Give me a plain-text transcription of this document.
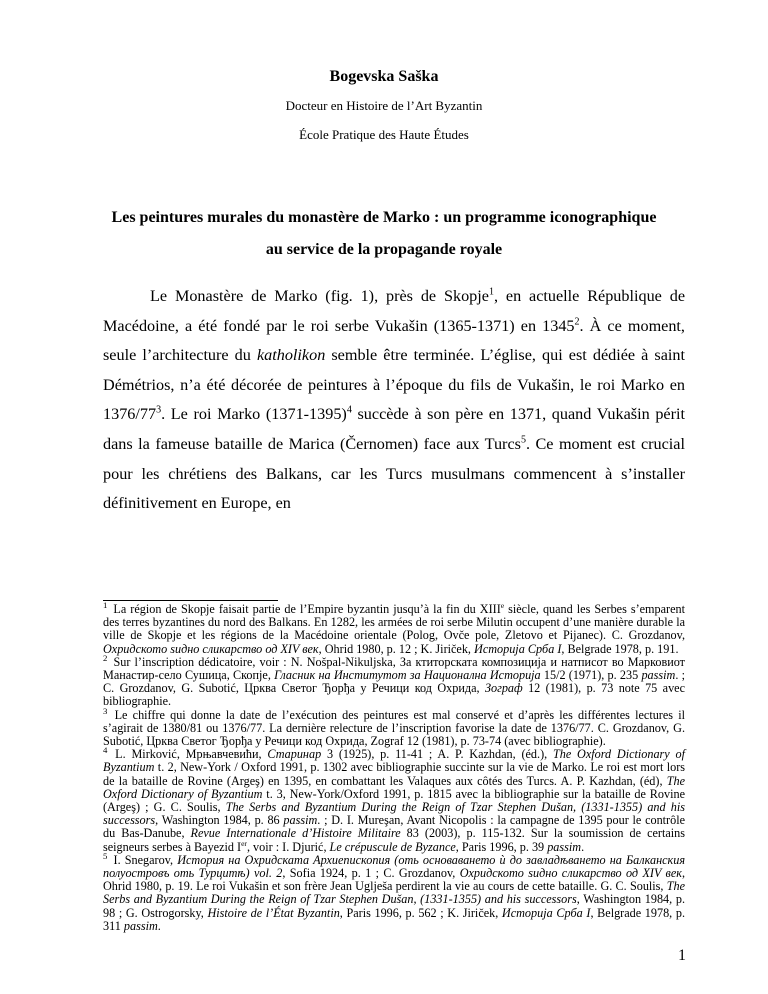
Bogevska Saška
Docteur en Histoire de l’Art Byzantin
École Pratique des Haute Études
Les peintures murales du monastère de Marko : un programme iconographique
au service de la propagande royale

Le Monastère de Marko (fig. 1), près de Skopje$^1$, en actuelle République de Macédoine, a été fondé par le roi serbe Vukašin (1365-1371) en 1345$^2$. À ce moment, seule l’architecture du katholikon semble être terminée. L’église, qui est dédiée à saint Démétrios, n’a été décorée de peintures à l’époque du fils de Vukašin, le roi Marko en $1376/77^3$. Le roi Marko (1371-1395)$^4$ succède à son père en 1371, quand Vukašin périt dans la fameuse bataille de Marica (Černomen) face aux Turcs$^5$. Ce moment est crucial pour les chrétiens des Balkans, car les Turcs musulmans commencent à s’installer définitivement en Europe, en

$^1$ La région de Skopje faisait partie de l’Empire byzantin jusqu’à la fin du XIIIe siècle, quand les Serbes s’emparent des terres byzantines du nord des Balkans. En 1282, les armées de roi serbe Milutin occupent d’une manière durable la ville de Skopje et les régions de la Macédoine orientale (Polog, Ovče pole, Zletovo et Pijanec). C. Grozdanov, Охридското ѕидно сликарство од XIV век, Ohrid 1980, p. 12 ; K. Jiriček, Историја Срба I, Belgrade 1978, p. 191.

$^2$ Sur l’inscription dédicatoire, voir : N. Nošpal-Nikuljska, За ктиторската композиција и натписот во Марковиот Манастир-село Сушица, Скопје, Гласник на Институтот за Национална Историја 15/2 (1971), p. 235 passim. ; C. Grozdanov, G. Subotić, Црква Светог Ђорђа у Речици код Охрида, Зограф 12 (1981), p. 73 note 75 avec bibliographie.

$^3$ Le chiffre qui donne la date de l’exécution des peintures est mal conservé et d’après les différentes lectures il s’agirait de 1380/81 ou 1376/77. La dernière relecture de l’inscription favorise la date de 1376/77. C. Grozdanov, G. Subotić, Црква Светог Ђорђа у Речици код Охрида, Zograf 12 (1981), p. 73-74 (avec bibliographie).

$^4$ L. Mirković, Мрњавчевићи, Старинар 3 (1925), p. 11-41 ; A. P. Kazhdan, (éd.), The Oxford Dictionary of Byzantium t. 2, New-York / Oxford 1991, p. 1302 avec bibliographie succinte sur la vie de Marko. Le roi est mort lors de la bataille de Rovine (Argeş) en 1395, en combattant les Valaques aux côtés des Turcs. A. P. Kazhdan, (éd), The Oxford Dictionary of Byzantium t. 3, New-York/Oxford 1991, p. 1815 avec la bibliographie sur la bataille de Rovine (Argeş) ; G. C. Soulis, The Serbs and Byzantium During the Reign of Tzar Stephen Dušan, (1331-1355) and his successors, Washington 1984, p. 86 passim. ; D. I. Mureşan, Avant Nicopolis : la campagne de 1395 pour le contrôle du Bas-Danube, Revue Internationale d’Histoire Militaire 83 (2003), p. 115-132. Sur la soumission de certains seigneurs serbes à Bayezid Ier, voir : I. Djurić, Le crépuscule de Byzance, Paris 1996, p. 39 passim.

$^5$ I. Snegarov, История на Охридската Архиепископия (оть основаването ѝ до завладѣването на Балканския полуостровъ оть Турцитѣ) vol. 2, Sofia 1924, p. 1 ; C. Grozdanov, Охридското ѕидно сликарство од XIV век, Ohrid 1980, p. 19. Le roi Vukašin et son frère Jean Uglješa perdirent la vie au cours de cette bataille. G. C. Soulis, The Serbs and Byzantium During the Reign of Tzar Stephen Dušan, (1331-1355) and his successors, Washington 1984, p. 98 ; G. Ostrogorsky, Histoire de l’État Byzantin, Paris 1996, p. 562 ; K. Jiriček, Историја Срба I, Belgrade 1978, p. 311 passim.

1
